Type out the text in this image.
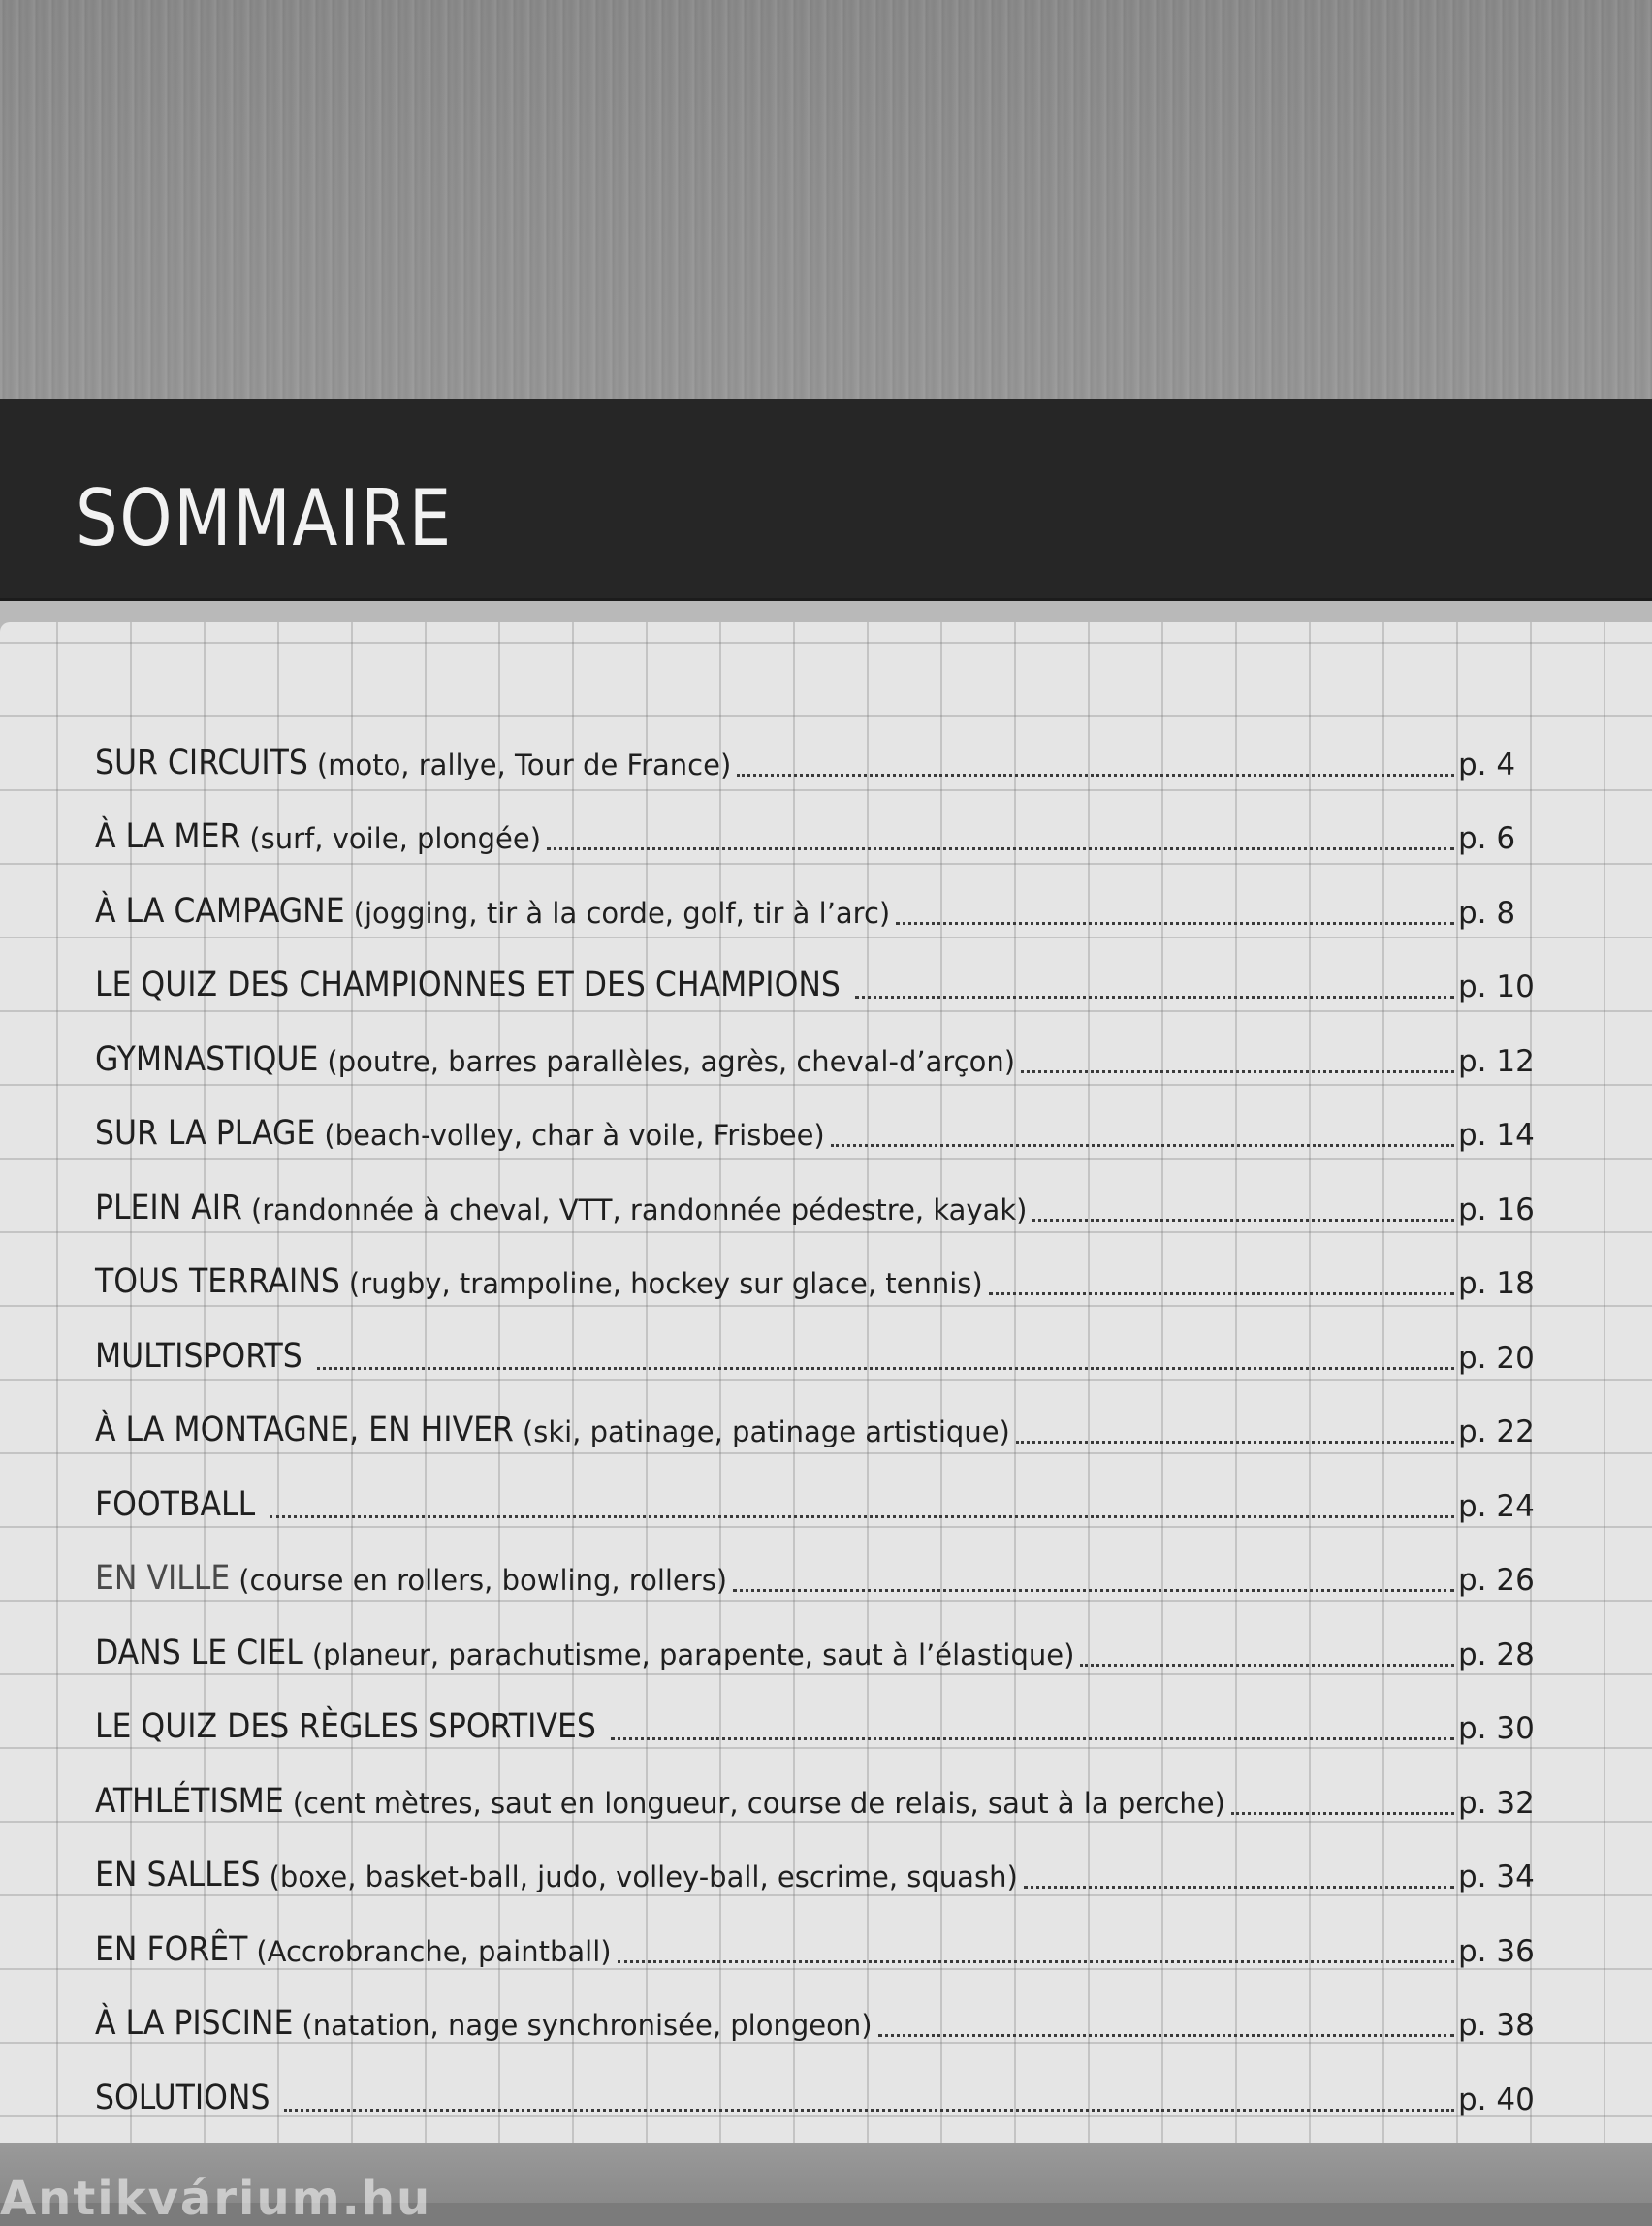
SOMMAIRE
SUR CIRCUITS (moto, rallye, Tour de France)	p. 4
À LA MER (surf, voile, plongée)	p. 6
À LA CAMPAGNE (jogging, tir à la corde, golf, tir à l’arc)	p. 8
LE QUIZ DES CHAMPIONNES ET DES CHAMPIONS	p. 10
GYMNASTIQUE (poutre, barres parallèles, agrès, cheval-d’arçon)	p. 12
SUR LA PLAGE (beach-volley, char à voile, Frisbee)	p. 14
PLEIN AIR (randonnée à cheval, VTT, randonnée pédestre, kayak)	p. 16
TOUS TERRAINS (rugby, trampoline, hockey sur glace, tennis)	p. 18
MULTISPORTS	p. 20
À LA MONTAGNE, EN HIVER (ski, patinage, patinage artistique)	p. 22
FOOTBALL	p. 24
EN VILLE (course en rollers, bowling, rollers)	p. 26
DANS LE CIEL (planeur, parachutisme, parapente, saut à l’élastique)	p. 28
LE QUIZ DES RÈGLES SPORTIVES	p. 30
ATHLÉTISME (cent mètres, saut en longueur, course de relais, saut à la perche)	p. 32
EN SALLES (boxe, basket-ball, judo, volley-ball, escrime, squash)	p. 34
EN FORÊT (Accrobranche, paintball)	p. 36
À LA PISCINE (natation, nage synchronisée, plongeon)	p. 38
SOLUTIONS	p. 40
Antikvárium.hu
